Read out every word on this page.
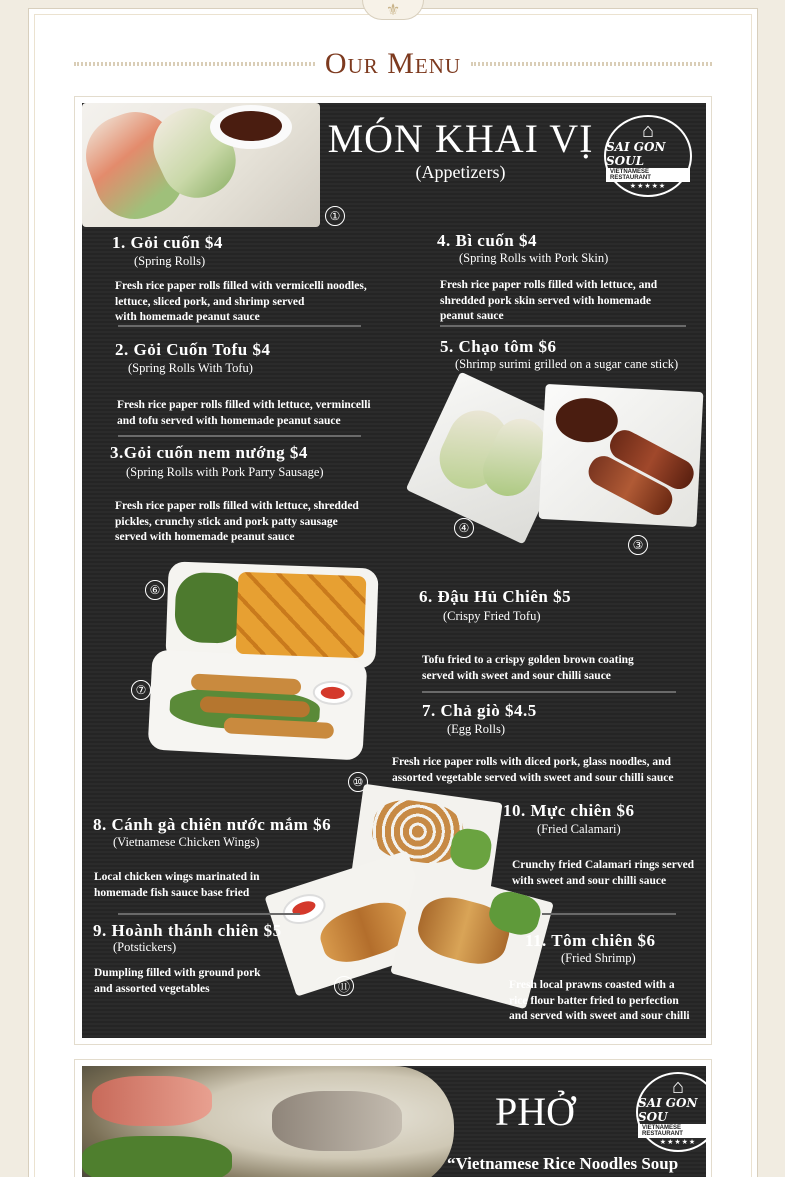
⚜
Our Menu
①
MÓN KHAI VỊ
(Appetizers)
⌂
SAI GON SOUL
VIETNAMESE RESTAURANT
★★★★★
1. Gỏi cuốn $4
(Spring Rolls)
Fresh rice paper rolls filled with vermicelli noodles,
lettuce, sliced pork, and shrimp served
with homemade peanut sauce
2. Gỏi Cuốn Tofu $4
(Spring Rolls With Tofu)
Fresh rice paper rolls filled with lettuce, vermincelli
and tofu served with homemade peanut sauce
3.Gỏi cuốn nem nướng $4
(Spring Rolls with Pork Parry Sausage)
Fresh rice paper rolls filled with lettuce, shredded
pickles, crunchy stick and pork patty sausage
served with homemade peanut sauce
4. Bì cuốn $4
(Spring Rolls with Pork Skin)
Fresh rice paper rolls filled with lettuce, and
shredded pork skin served with homemade
peanut sauce
5. Chạo tôm $6
(Shrimp surimi grilled on a sugar cane stick)
④
③
⑥
⑦
6. Đậu Hủ Chiên $5
(Crispy Fried Tofu)
Tofu fried to a crispy golden brown coating
served with sweet and sour chilli sauce
7. Chả giò $4.5
(Egg Rolls)
Fresh rice paper rolls with diced pork, glass noodles, and
assorted vegetable served with sweet and sour chilli sauce
⑩
⑪
8. Cánh gà chiên nước mắm $6
(Vietnamese Chicken Wings)
Local chicken wings marinated in
homemade fish sauce base fried
9. Hoành thánh chiên $5
(Potstickers)
Dumpling filled with ground pork
and assorted vegetables
10. Mực chiên $6
(Fried Calamari)
Crunchy fried Calamari rings served
with sweet and sour chilli sauce
11. Tôm chiên $6
(Fried Shrimp)
Fresh local prawns coasted with a
rice flour batter fried to perfection
and served with sweet and sour chilli
PHỞ
“Vietnamese Rice Noodles Soup
⌂
SAI GON SOU
VIETNAMESE RESTAURANT
★★★★★
